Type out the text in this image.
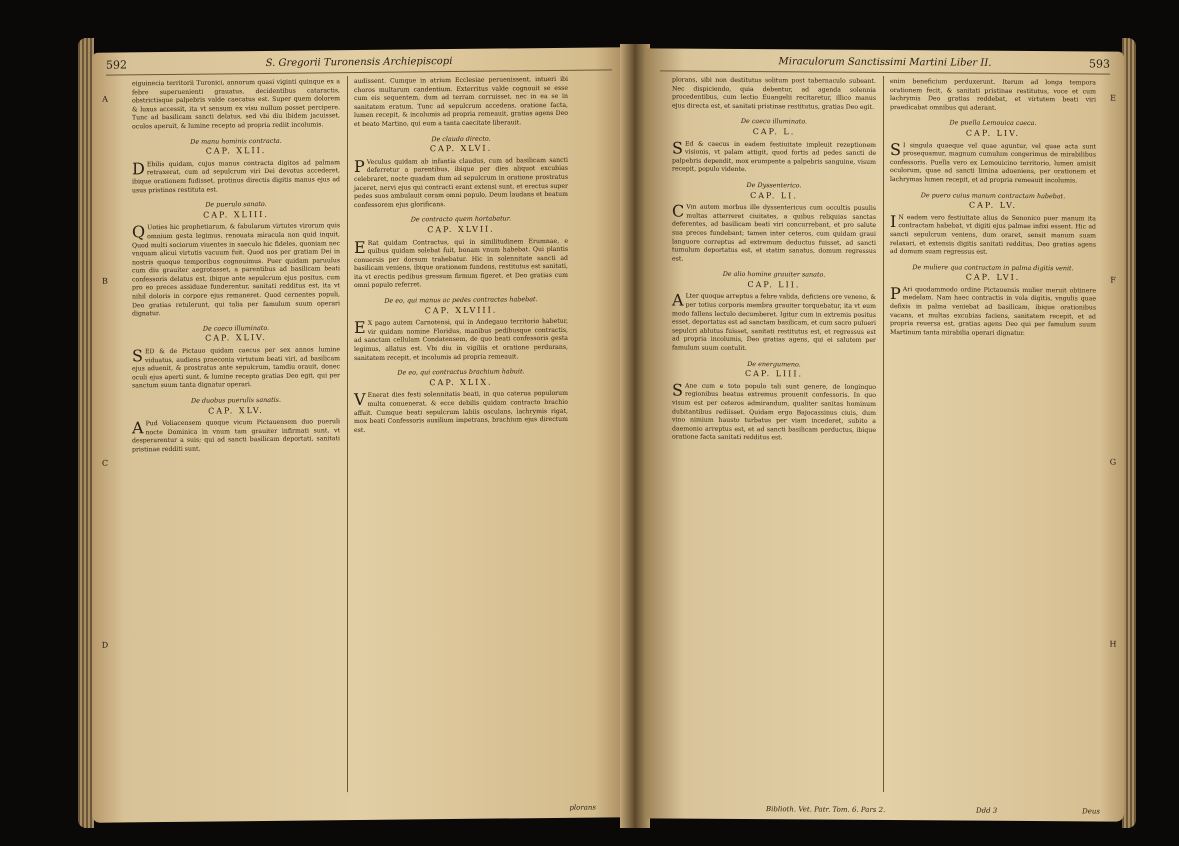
592	S. Gregorii Turonensis Archiepiscopi
A
B
C
D
eiguinecia territorii Turonici, annorum quasi viginti quinque ex a febre superuenienti grauatus, decidentibus cataractis, obstrictisque palpebris valde caecatus est. Super quem dolorem & luxus accessit, ita vt sensum ex visu nullum posset percipere. Tunc ad basilicam sancti delatus, sed vbi diu ibidem jacuisset, oculos aperuit, & lumine recepto ad propria rediit incolumis.
De manu hominis contracta.
CAP. XLII.
D Ebilis quidam, cujus manus contracta digitos ad palmam retraxerat, cum ad sepulcrum viri Dei devotus accederet, ibique orationem fudisset, protinus directis digitis manus ejus ad usus pristinos restituta est.
De puerulo sanato.
CAP. XLIII.
Q Uoties hic prophetiarum, & fabularum virtutes virorum quis omnium gesta legimus, renouata miracula non quid inquit, Quod multi sociorum viuentes in saeculo hic fideles, quoniam nec vnquam alicui virtutis vacuum fuit. Quod nos per gratiam Dei in nostris quoque temporibus cognouimus. Puer quidam paruulus cum diu grauiter aegrotasset, a parentibus ad basilicam beati confessoris delatus est, ibique ante sepulcrum ejus positus, cum pro eo preces assiduae funderentur, sanitati redditus est, ita vt nihil doloris in corpore ejus remaneret. Quod cernentes populi, Deo gratias retulerunt, qui talia per famulum suum operari dignatur.
De caeco illuminato.
CAP. XLIV.
SED & de Pictauo quidam caecus per sex annos lumine viduatus, audiens praeconia virtutum beati viri, ad basilicam ejus aduenit, & prostratus ante sepulcrum, tamdiu orauit, donec oculi ejus aperti sunt, & lumine recepto gratias Deo egit, qui per sanctum suum tanta dignatur operari.
De duobus puerulis sanatis.
CAP. XLV.
A Pud Voliacensem quoque vicum Pictauensem duo pueruli nocte Dominica in vnum tam grauiter infirmati sunt, vt desperarentur a suis; qui ad sancti basilicam deportati, sanitati pristinae redditi sunt.
audissent. Cumque in atrium Ecclesiae peruenissent, intueri ibi choros multarum candentium. Exterritus valde cognouit se esse cum eis sequentem, dum ad terram corruisset, nec in ea se in sanitatem eratum. Tunc ad sepulcrum accedens, oratione facta, lumen recepit, & incolumis ad propria remeauit, gratias agens Deo et beato Martino, qui eum a tanta caecitate liberauit.
De claudo directo.
CAP. XLVI.
P Veculus quidam ab infantia claudus, cum ad basilicam sancti deferretur a parentibus, ibique per dies aliquot excubias celebraret, nocte quadam dum ad sepulcrum in oratione prostratus jaceret, nervi ejus qui contracti erant extensi sunt, et erectus super pedes suos ambulauit coram omni populo, Deum laudans et beatum confessorem ejus glorificans.
De contracto quem hortabatur.
CAP. XLVII.
E Rat quidam Contractus, qui in similitudinem Erumnae, e quibus quidam solebat fuit, bonam vnum habebat. Qui plantis conuersis per dorsum trahebatur. Hic in solennitate sancti ad basilicam veniens, ibique orationem fundens, restitutus est sanitati, ita vt erectis pedibus gressum firmum figeret, et Deo gratias cum omni populo referret.
De eo, qui manus ac pedes contractas habebat.
CAP. XLVIII.
E X pago autem Carnotensi, qui in Andegauo territorio habetur, vir quidam nomine Floridus, manibus pedibusque contractis, ad sanctam cellulam Condatensem, de quo beati confessoris gesta legimus, allatus est. Vbi diu in vigiliis et oratione perdurans, sanitatem recepit, et incolumis ad propria remeauit.
De eo, qui contractus brachium habuit.
CAP. XLIX.
V Enerat dies festi solennitatis beati, in qua caterua populorum multa conuenerat, & ecce debilis quidam contracto brachio affuit. Cumque beati sepulcrum labiis osculans, lachrymis rigat, mox beati Confessoris auxilium impetrans, brachium ejus directum est.
plorans
Miraculorum Sanctissimi Martini Liber II.	593
E
F
G
H
plorans, sibi non destitutus solitum post tabernaculo subeant. Nec dispiciendo, quia debentur, ad agenda solennia procedentibus, cum lectio Euangelii recitaretur, illico manus ejus directa est, et sanitati pristinae restitutus, gratias Deo egit.
De caeco illuminato.
CAP. L.
S Ed & caecus in eadem festiuitate impleuit rezeptionem visionis, vt palam attigit, quod fortis ad pedes sancti de palpebris dependit, mox erumpente a palpebris sanguine, visum recepit, populo vidente.
De Dyssenterico.
CAP. LI.
C Vm autem morbus ille dyssentericus cum occultis pusulis multas atterreret ciuitates, a quibus reliquias sanctas deferentes, ad basilicam beati viri concurrebant, et pro salute sua preces fundebant; tamen inter ceteros, cum quidam graui languore correptus ad extremum deductus fuisset, ad sancti tumulum deportatus est, et statim sanatus, domum regressus est.
De alio homine grauiter sanato.
CAP. LII.
A Lter quoque arreptus a febre valida, deficiens ore veneno, & per totius corporis membra grauiter torquebatur, ita vt eum modo fallens lectulo decumberet. Igitur cum in extremis positus esset, deportatus est ad sanctam basilicam, et cum sacro pulueri sepulcri ablutus fuisset, sanitati restitutus est, et regressus est ad propria incolumis, Deo gratias agens, qui ei salutem per famulum suum contulit.
De energumeno.
CAP. LIII.
S Ane cum e toto populo tali sunt genere, de longinquo regionibus beatus extremus prouenit confessoris. In quo visum est per ceteros admirandum, qualiter sanitas hominum dubitantibus rediisset. Quidam ergo Bajocassinus ciuis, dum vino nimium hausto turbatus per viam incederet, subito a daemonio arreptus est, et ad sancti basilicam perductus, ibique oratione facta sanitati redditus est.
enim beneficium perduxerunt. Iterum ad longa tempora orationem fecit, & sanitati pristinae restitutus, voce et cum lachrymis Deo gratias reddebat, et virtutem beati viri praedicabat omnibus qui aderant.
De puella Lemouica caeca.
CAP. LIV.
S I singula quaeque vel quae aguntur, vel quae acta sunt prosequamur, magnum cumulum congerimus de mirabilibus confessoris. Puella vero ex Lemouicino territorio, lumen amisit oculorum, quae ad sancti limina adueniens, per orationem et lachrymas lumen recepit, et ad propria remeauit incolumis.
De puero cuius manum contractam habebat.
CAP. LV.
I N eadem vero festiuitate alius de Senonico puer manum ita contractam habebat, vt digiti ejus palmae infixi essent. Hic ad sancti sepulcrum veniens, dum oraret, sensit manum suam relaxari, et extensis digitis sanitati redditus, Deo gratias agens ad domum suam regressus est.
De muliere qua contractam in palma digitis venit.
CAP. LVI.
P Ari quodammodo ordine Pictauensis mulier meruit obtinere medelam. Nam haec contractis in vola digitis, vngulis quae defixis in palma veniebat ad basilicam, ibique orationibus vacans, et multas excubias faciens, sanitatem recepit, et ad propria reuersa est, gratias agens Deo qui per famulum suum Martinum tanta mirabilia operari dignatur.
Biblioth. Vet. Patr. Tom. 6. Pars 2.	Ddd 3	Deus
